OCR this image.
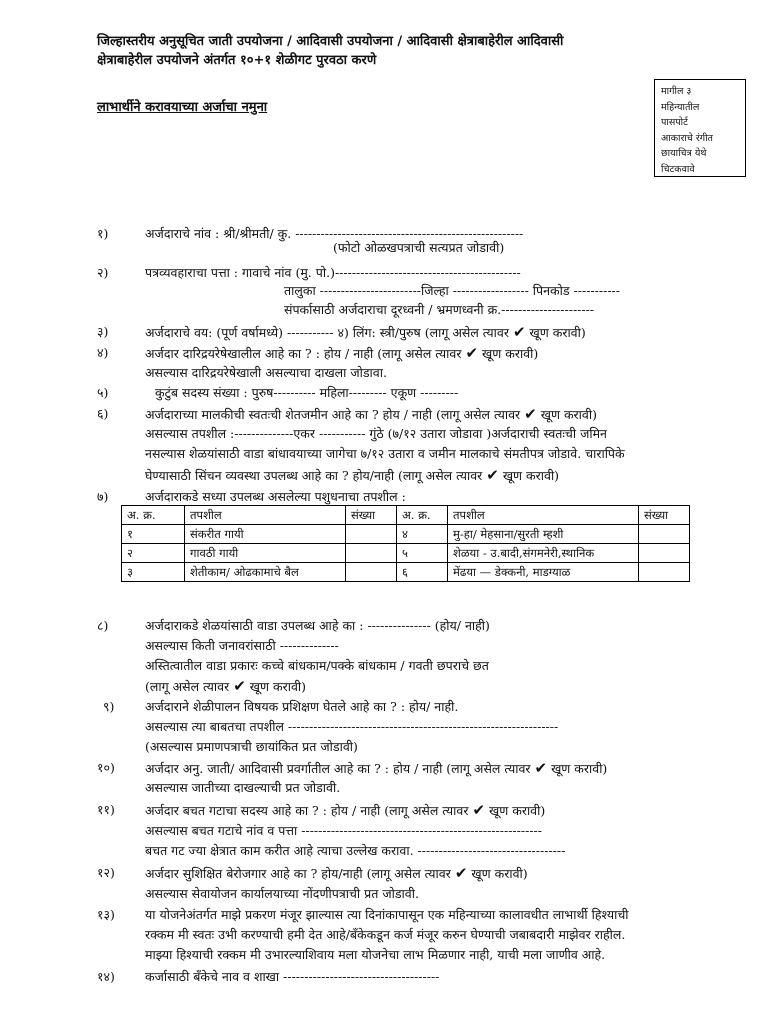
जिल्हास्तरीय अनुसूचित जाती उपयोजना / आदिवासी उपयोजना / आदिवासी क्षेत्राबाहेरील आदिवासी
क्षेत्राबाहेरील उपयोजने अंतर्गत १०+१ शेळीगट पुरवठा करणे
लाभार्थीने करावयाच्या अर्जाचा नमुना
मागील ३
महिन्यातील
पासपोर्ट
आकाराचे रंगीत
छायाचित्र येथे
चिटकवावे
१)	अर्जदाराचे नांव : श्री/श्रीमती/ कु. ------------------------------------------------------
(फोटो ओळखपत्राची सत्यप्रत जोडावी)
२)	पत्रव्यवहाराचा पत्ता : गावाचे नांव (मु. पो.)--------------------------------------------
तालुका ------------------------जिल्हा ------------------ पिनकोड -----------
संपर्कासाठी अर्जदाराचा दूरध्वनी / भ्रमणध्वनी क्र.----------------------
३)	अर्जदाराचे वय: (पूर्ण वर्षामध्ये) ----------- ४) लिंग: स्त्री/पुरुष (लागू असेल त्यावर ✔ खूण करावी)
४)	अर्जदार दारिद्रयरेषेखालील आहे का ? : होय / नाही (लागू असेल त्यावर ✔ खूण करावी)
असल्यास दारिद्रयरेषेखाली असल्याचा दाखला जोडावा.
५)	कुटुंब सदस्य संख्या : पुरुष---------- महिला--------- एकूण ---------
६)	अर्जदाराच्या मालकीची स्वतःची शेतजमीन आहे का ? होय / नाही (लागू असेल त्यावर ✔ खूण करावी)
असल्यास तपशील :--------------एकर ----------- गुंठे (७/१२ उतारा जोडावा )अर्जदाराची स्वतःची जमिन
नसल्यास शेळयांसाठी वाडा बांधावयाच्या जागेचा ७/१२ उतारा व जमीन मालकाचे संमतीपत्र जोडावे. चारापिके
घेण्यासाठी सिंचन व्यवस्था उपलब्ध आहे का ? होय/नाही (लागू असेल त्यावर ✔ खूण करावी)
७)	अर्जदाराकडे सध्या उपलब्ध असलेल्या पशुधनाचा तपशील :
८)	अर्जदाराकडे शेळयांसाठी वाडा उपलब्ध आहे का : --------------- (होय/ नाही)
असल्यास किती जनावरांसाठी --------------
अस्तित्वातील वाडा प्रकारः कच्चे बांधकाम/पक्के बांधकाम / गवती छपराचे छत
(लागू असेल त्यावर ✔ खूण करावी)
९) अर्जदाराने शेळीपालन विषयक प्रशिक्षण घेतले आहे का ? : होय/ नाही.
असल्यास त्या बाबतचा तपशील ----------------------------------------------------------------
(असल्यास प्रमाणपत्राची छायांकित प्रत जोडावी)
१०) अर्जदार अनु. जाती/ आदिवासी प्रवर्गातील आहे का ? : होय / नाही (लागू असेल त्यावर ✔ खूण करावी)
असल्यास जातीच्या दाखल्याची प्रत जोडावी.
११) अर्जदार बचत गटाचा सदस्य आहे का ? : होय / नाही (लागू असेल त्यावर ✔ खूण करावी)
असल्यास बचत गटाचे नांव व पत्ता ---------------------------------------------------------
बचत गट ज्या क्षेत्रात काम करीत आहे त्याचा उल्लेख करावा. -----------------------------------
१२) अर्जदार सुशिक्षित बेरोजगार आहे का ? होय/नाही (लागू असेल त्यावर ✔ खूण करावी)
असल्यास सेवायोजन कार्यालयाच्या नोंदणीपत्राची प्रत जोडावी.
१३) या योजनेअंतर्गत माझे प्रकरण मंजूर झाल्यास त्या दिनांकापासून एक महिन्याच्या कालावधीत लाभार्थी हिश्याची
रक्कम मी स्वतः उभी करण्याची हमी देत आहे/बँकेकडून कर्ज मंजूर करुन घेण्याची जबाबदारी माझेवर राहील.
माझ्या हिश्याची रक्कम मी उभारल्याशिवाय मला योजनेचा लाभ मिळणार नाही, याची मला जाणीव आहे.
१४) कर्जासाठी बँकेचे नाव व शाखा -------------------------------------
अ. क्र.	तपशील	संख्या	अ. क्र.	तपशील	संख्या
१	संकरीत गायी		४	मु-हा/ मेहसाना/सुरती म्हशी	
२	गावठी गायी		५	शेळया - उ.बादी,संगमनेरी,स्थानिक	
३	शेतीकाम/ ओढकामाचे बैल		६	मेंढया — डेक्कनी, माडग्याळ	
